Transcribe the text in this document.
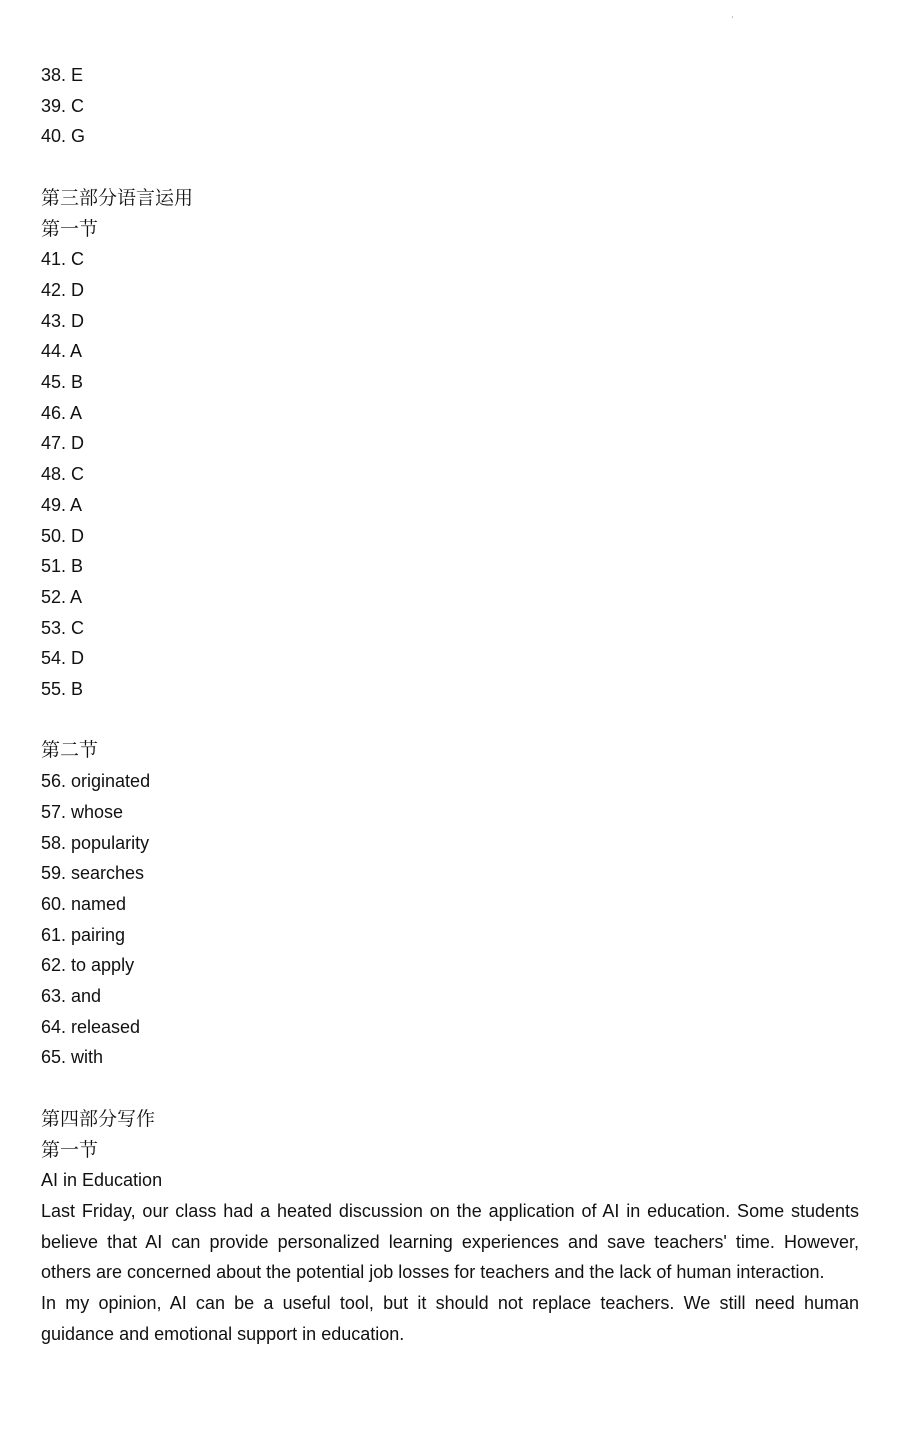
38. E
39. C
40. G
第三部分语言运用
第一节
41. C
42. D
43. D
44. A
45. B
46. A
47. D
48. C
49. A
50. D
51. B
52. A
53. C
54. D
55. B
第二节
56. originated
57. whose
58. popularity
59. searches
60. named
61. pairing
62. to apply
63. and
64. released
65. with
第四部分写作
第一节
AI in Education

Last Friday, our class had a heated discussion on the application of AI in education. Some students believe that AI can provide personalized learning experiences and save teachers' time. However, others are concerned about the potential job losses for teachers and the lack of human interaction.

In my opinion, AI can be a useful tool, but it should not replace teachers. We still need human guidance and emotional support in education.
